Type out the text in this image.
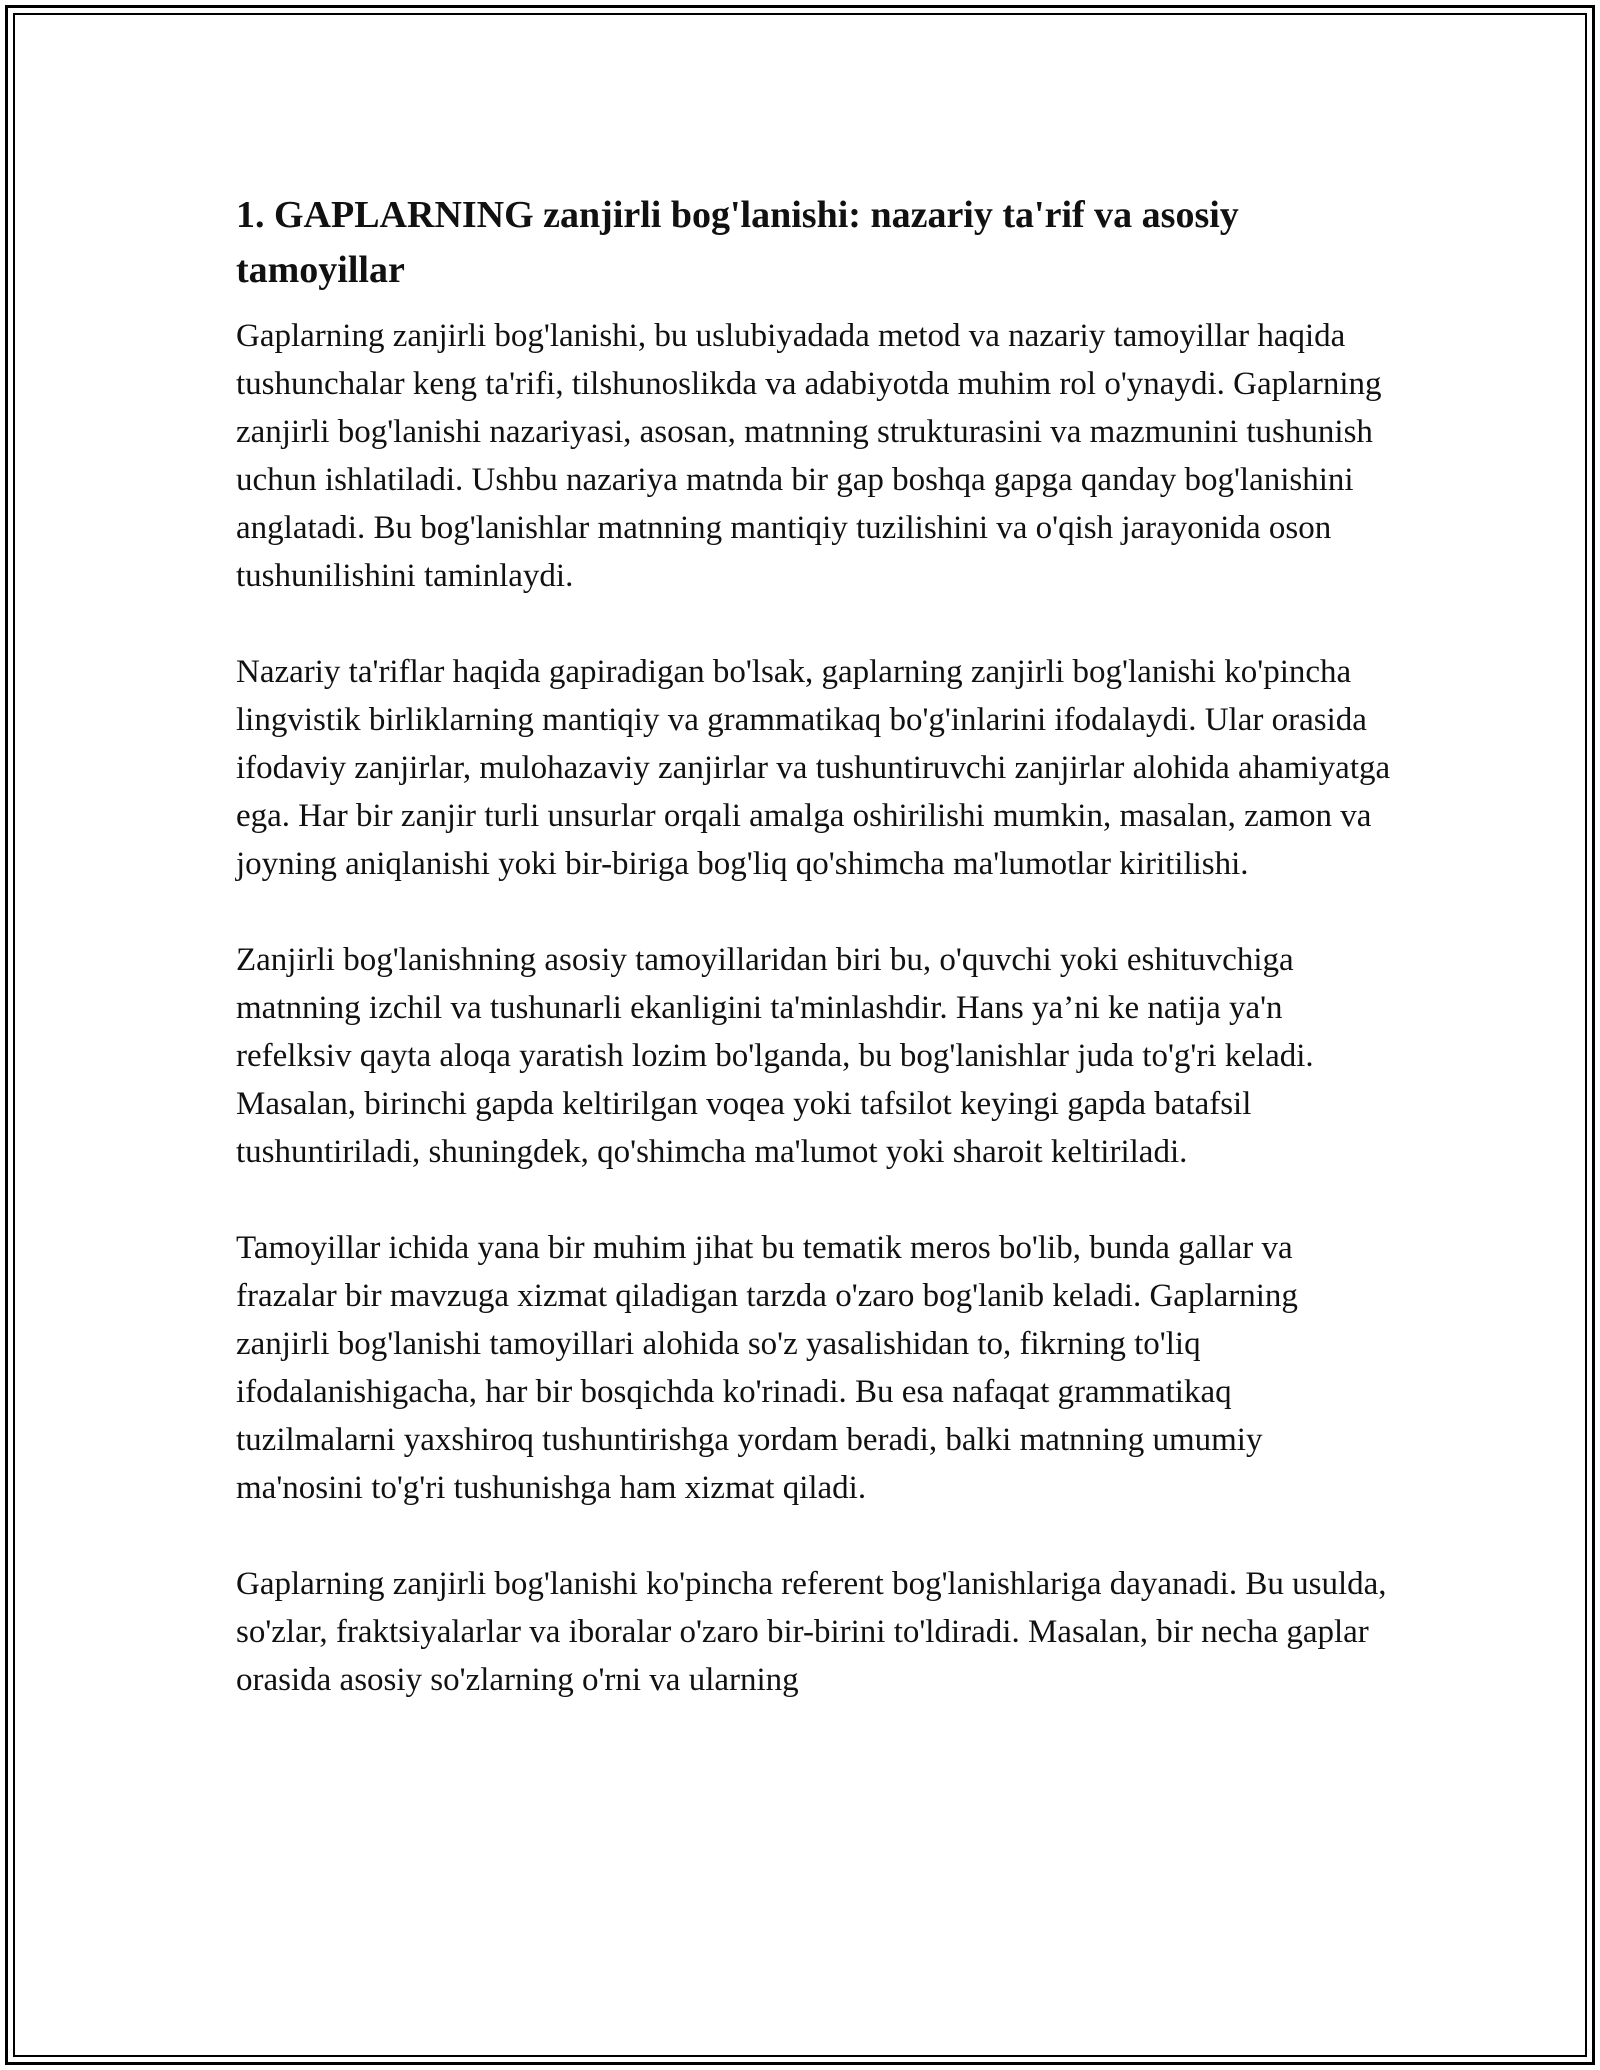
1. GAPLARNING zanjirli bog'lanishi: nazariy ta'rif va asosiy tamoyillar

Gaplarning zanjirli bog'lanishi, bu uslubiyadada metod va nazariy tamoyillar haqida tushunchalar keng ta'rifi, tilshunoslikda va adabiyotda muhim rol o'ynaydi. Gaplarning zanjirli bog'lanishi nazariyasi, asosan, matnning strukturasini va mazmunini tushunish uchun ishlatiladi. Ushbu nazariya matnda bir gap boshqa gapga qanday bog'lanishini anglatadi. Bu bog'lanishlar matnning mantiqiy tuzilishini va o'qish jarayonida oson tushunilishini taminlaydi.

Nazariy ta'riflar haqida gapiradigan bo'lsak, gaplarning zanjirli bog'lanishi ko'pincha lingvistik birliklarning mantiqiy va grammatikaq bo'g'inlarini ifodalaydi. Ular orasida ifodaviy zanjirlar, mulohazaviy zanjirlar va tushuntiruvchi zanjirlar alohida ahamiyatga ega. Har bir zanjir turli unsurlar orqali amalga oshirilishi mumkin, masalan, zamon va joyning aniqlanishi yoki bir-biriga bog'liq qo'shimcha ma'lumotlar kiritilishi.

Zanjirli bog'lanishning asosiy tamoyillaridan biri bu, o'quvchi yoki eshituvchiga matnning izchil va tushunarli ekanligini ta'minlashdir. Hans ya’ni ke natija ya'n refelksiv qayta aloqa yaratish lozim bo'lganda, bu bog'lanishlar juda to'g'ri keladi. Masalan, birinchi gapda keltirilgan voqea yoki tafsilot keyingi gapda batafsil tushuntiriladi, shuningdek, qo'shimcha ma'lumot yoki sharoit keltiriladi.

Tamoyillar ichida yana bir muhim jihat bu tematik meros bo'lib, bunda gallar va frazalar bir mavzuga xizmat qiladigan tarzda o'zaro bog'lanib keladi. Gaplarning zanjirli bog'lanishi tamoyillari alohida so'z yasalishidan to, fikrning to'liq ifodalanishigacha, har bir bosqichda ko'rinadi. Bu esa nafaqat grammatikaq tuzilmalarni yaxshiroq tushuntirishga yordam beradi, balki matnning umumiy ma'nosini to'g'ri tushunishga ham xizmat qiladi.

Gaplarning zanjirli bog'lanishi ko'pincha referent bog'lanishlariga dayanadi. Bu usulda, so'zlar, fraktsiyalarlar va iboralar o'zaro bir-birini to'ldiradi. Masalan, bir necha gaplar orasida asosiy so'zlarning o'rni va ularning
